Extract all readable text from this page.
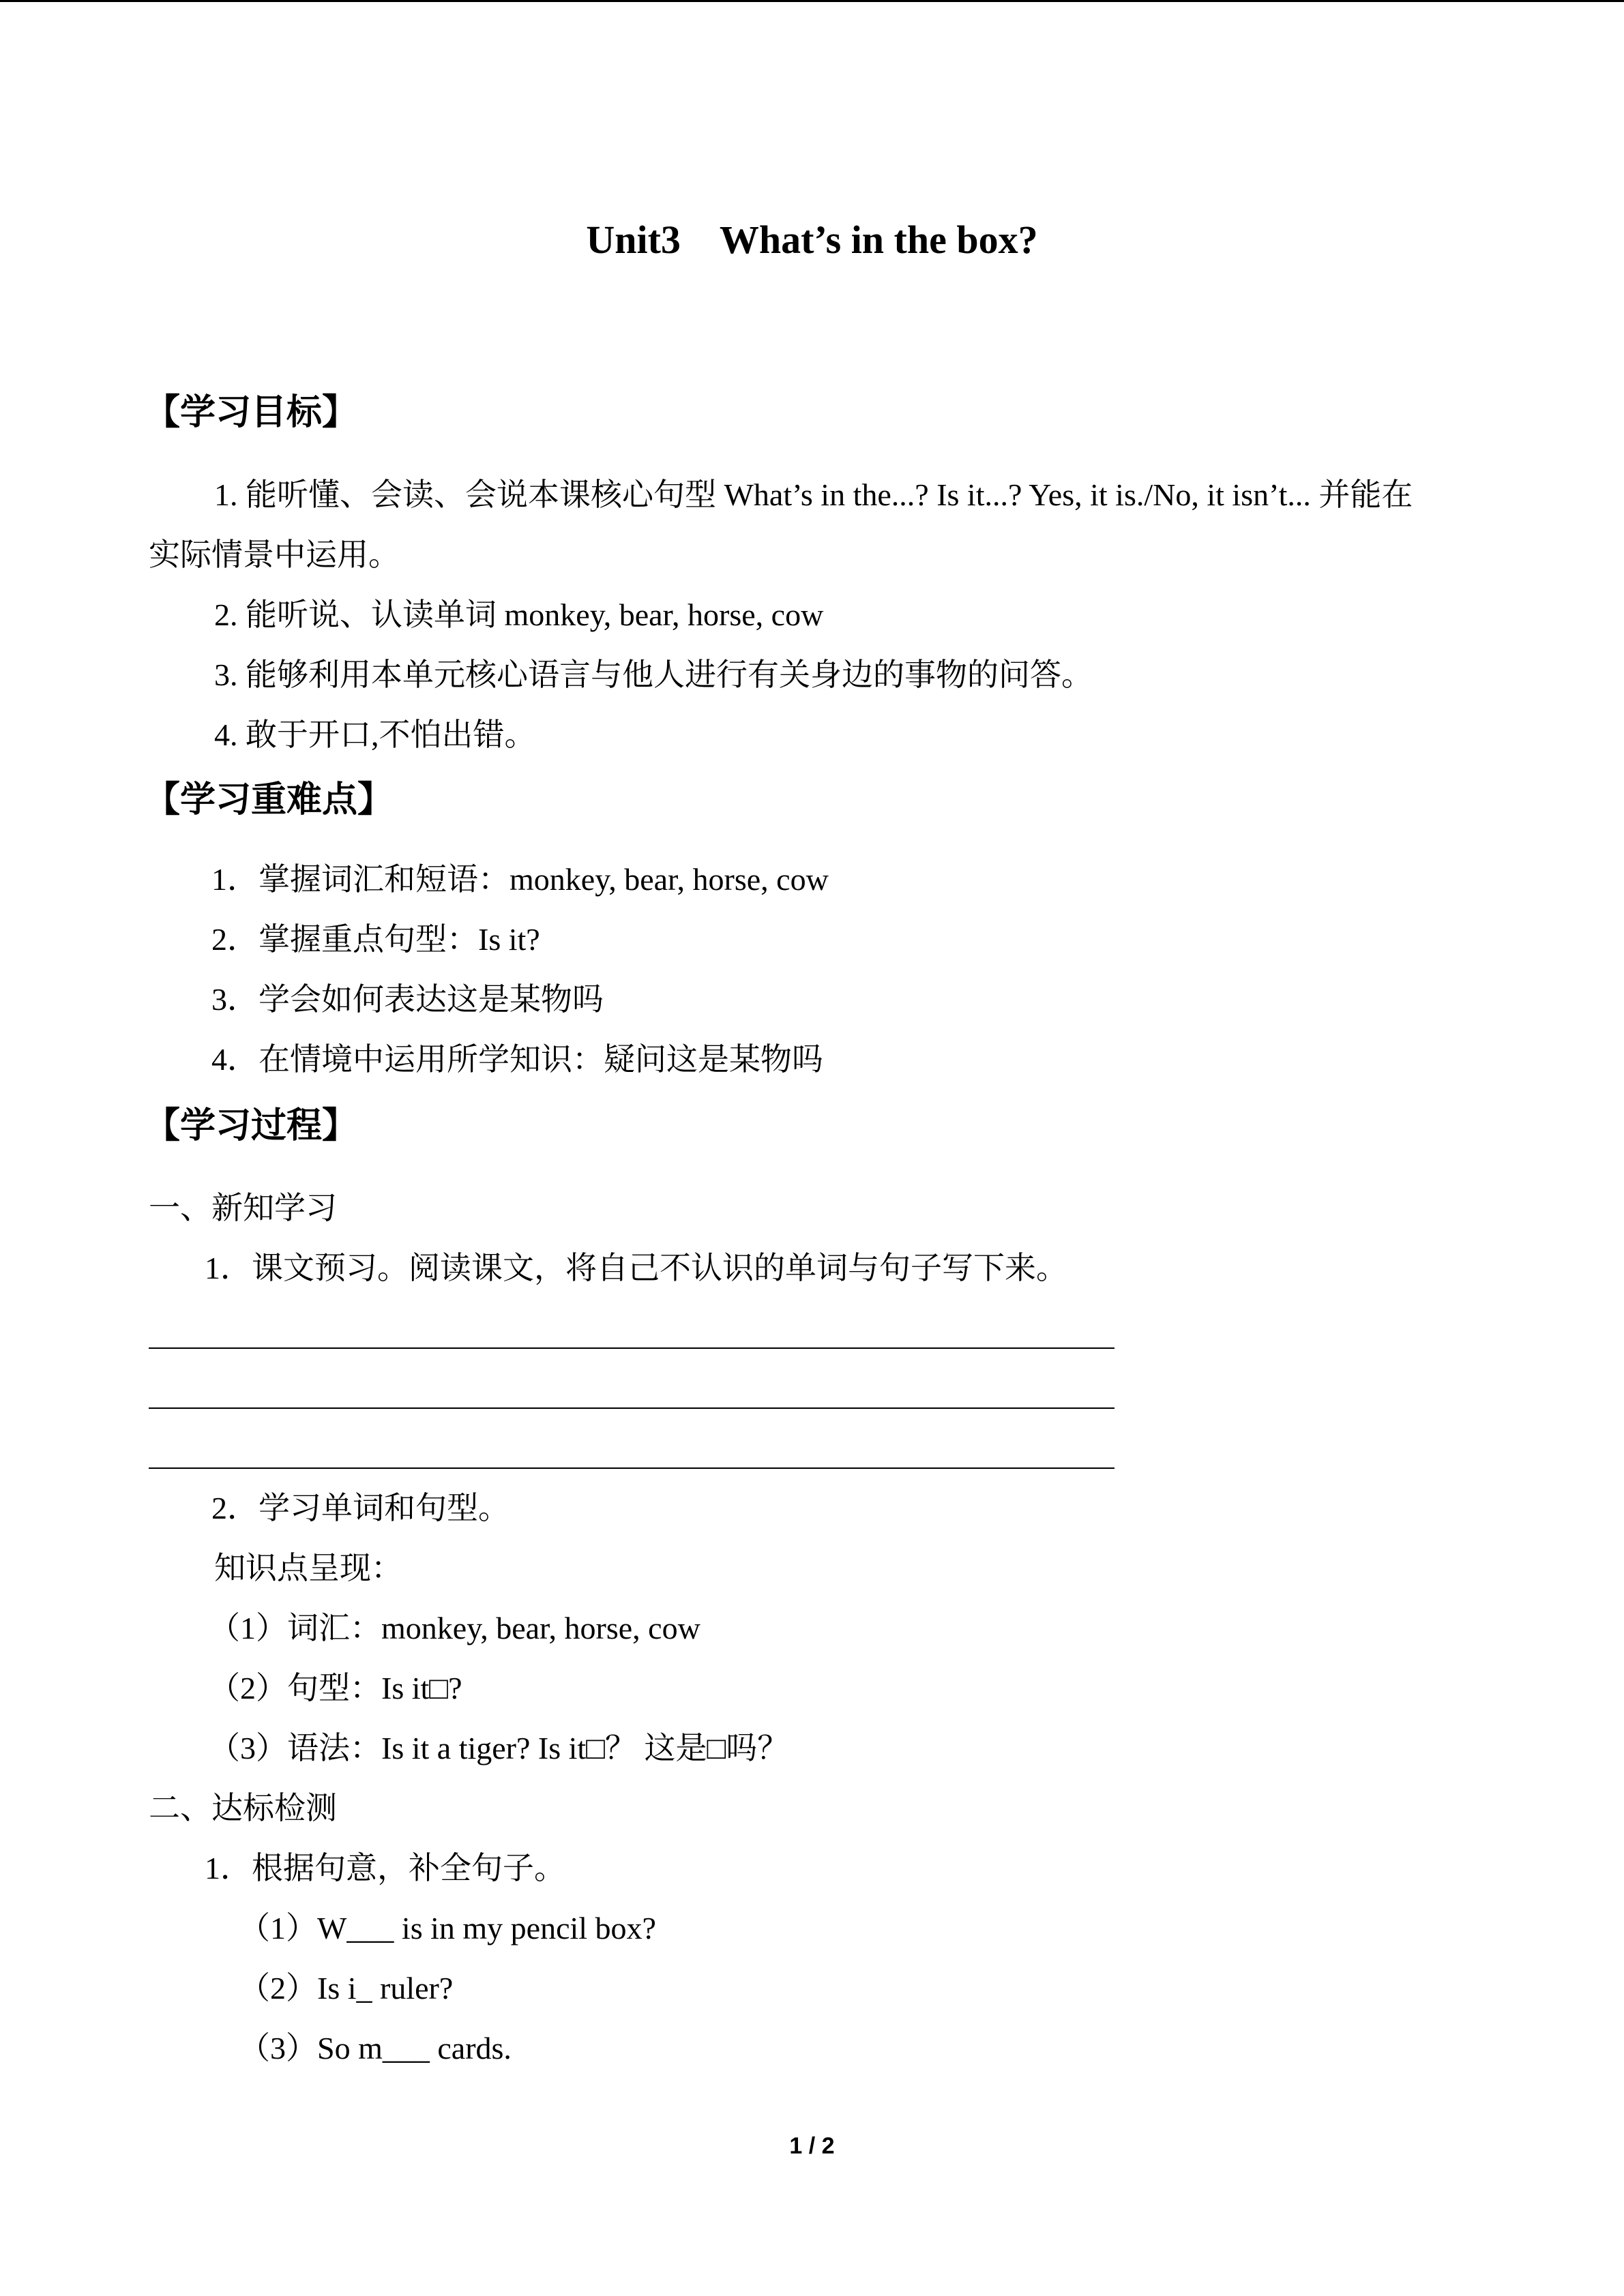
Unit3    What’s in the box?
【学习目标】
1. 能听懂、会读、会说本课核心句型 What’s in the...? Is it...? Yes, it is./No, it isn’t... 并能在
实际情景中运用。
2. 能听说、认读单词 monkey, bear, horse, cow
3. 能够利用本单元核心语言与他人进行有关身边的事物的问答。
4. 敢于开口,不怕出错。
【学习重难点】
1．掌握词汇和短语：monkey, bear, horse, cow
2．掌握重点句型：Is it?
3．学会如何表达这是某物吗
4．在情境中运用所学知识：疑问这是某物吗
【学习过程】
一、新知学习
1．课文预习。阅读课文，将自己不认识的单词与句子写下来。
2．学习单词和句型。
知识点呈现：
（1）词汇：monkey, bear, horse, cow
（2）句型：Is it□?
（3）语法：Is it a tiger? Is it□？ 这是□吗？
二、达标检测
1．根据句意，补全句子。
（1）W___ is in my pencil box?
（2）Is i_ ruler?
（3）So m___ cards.
1 / 2
